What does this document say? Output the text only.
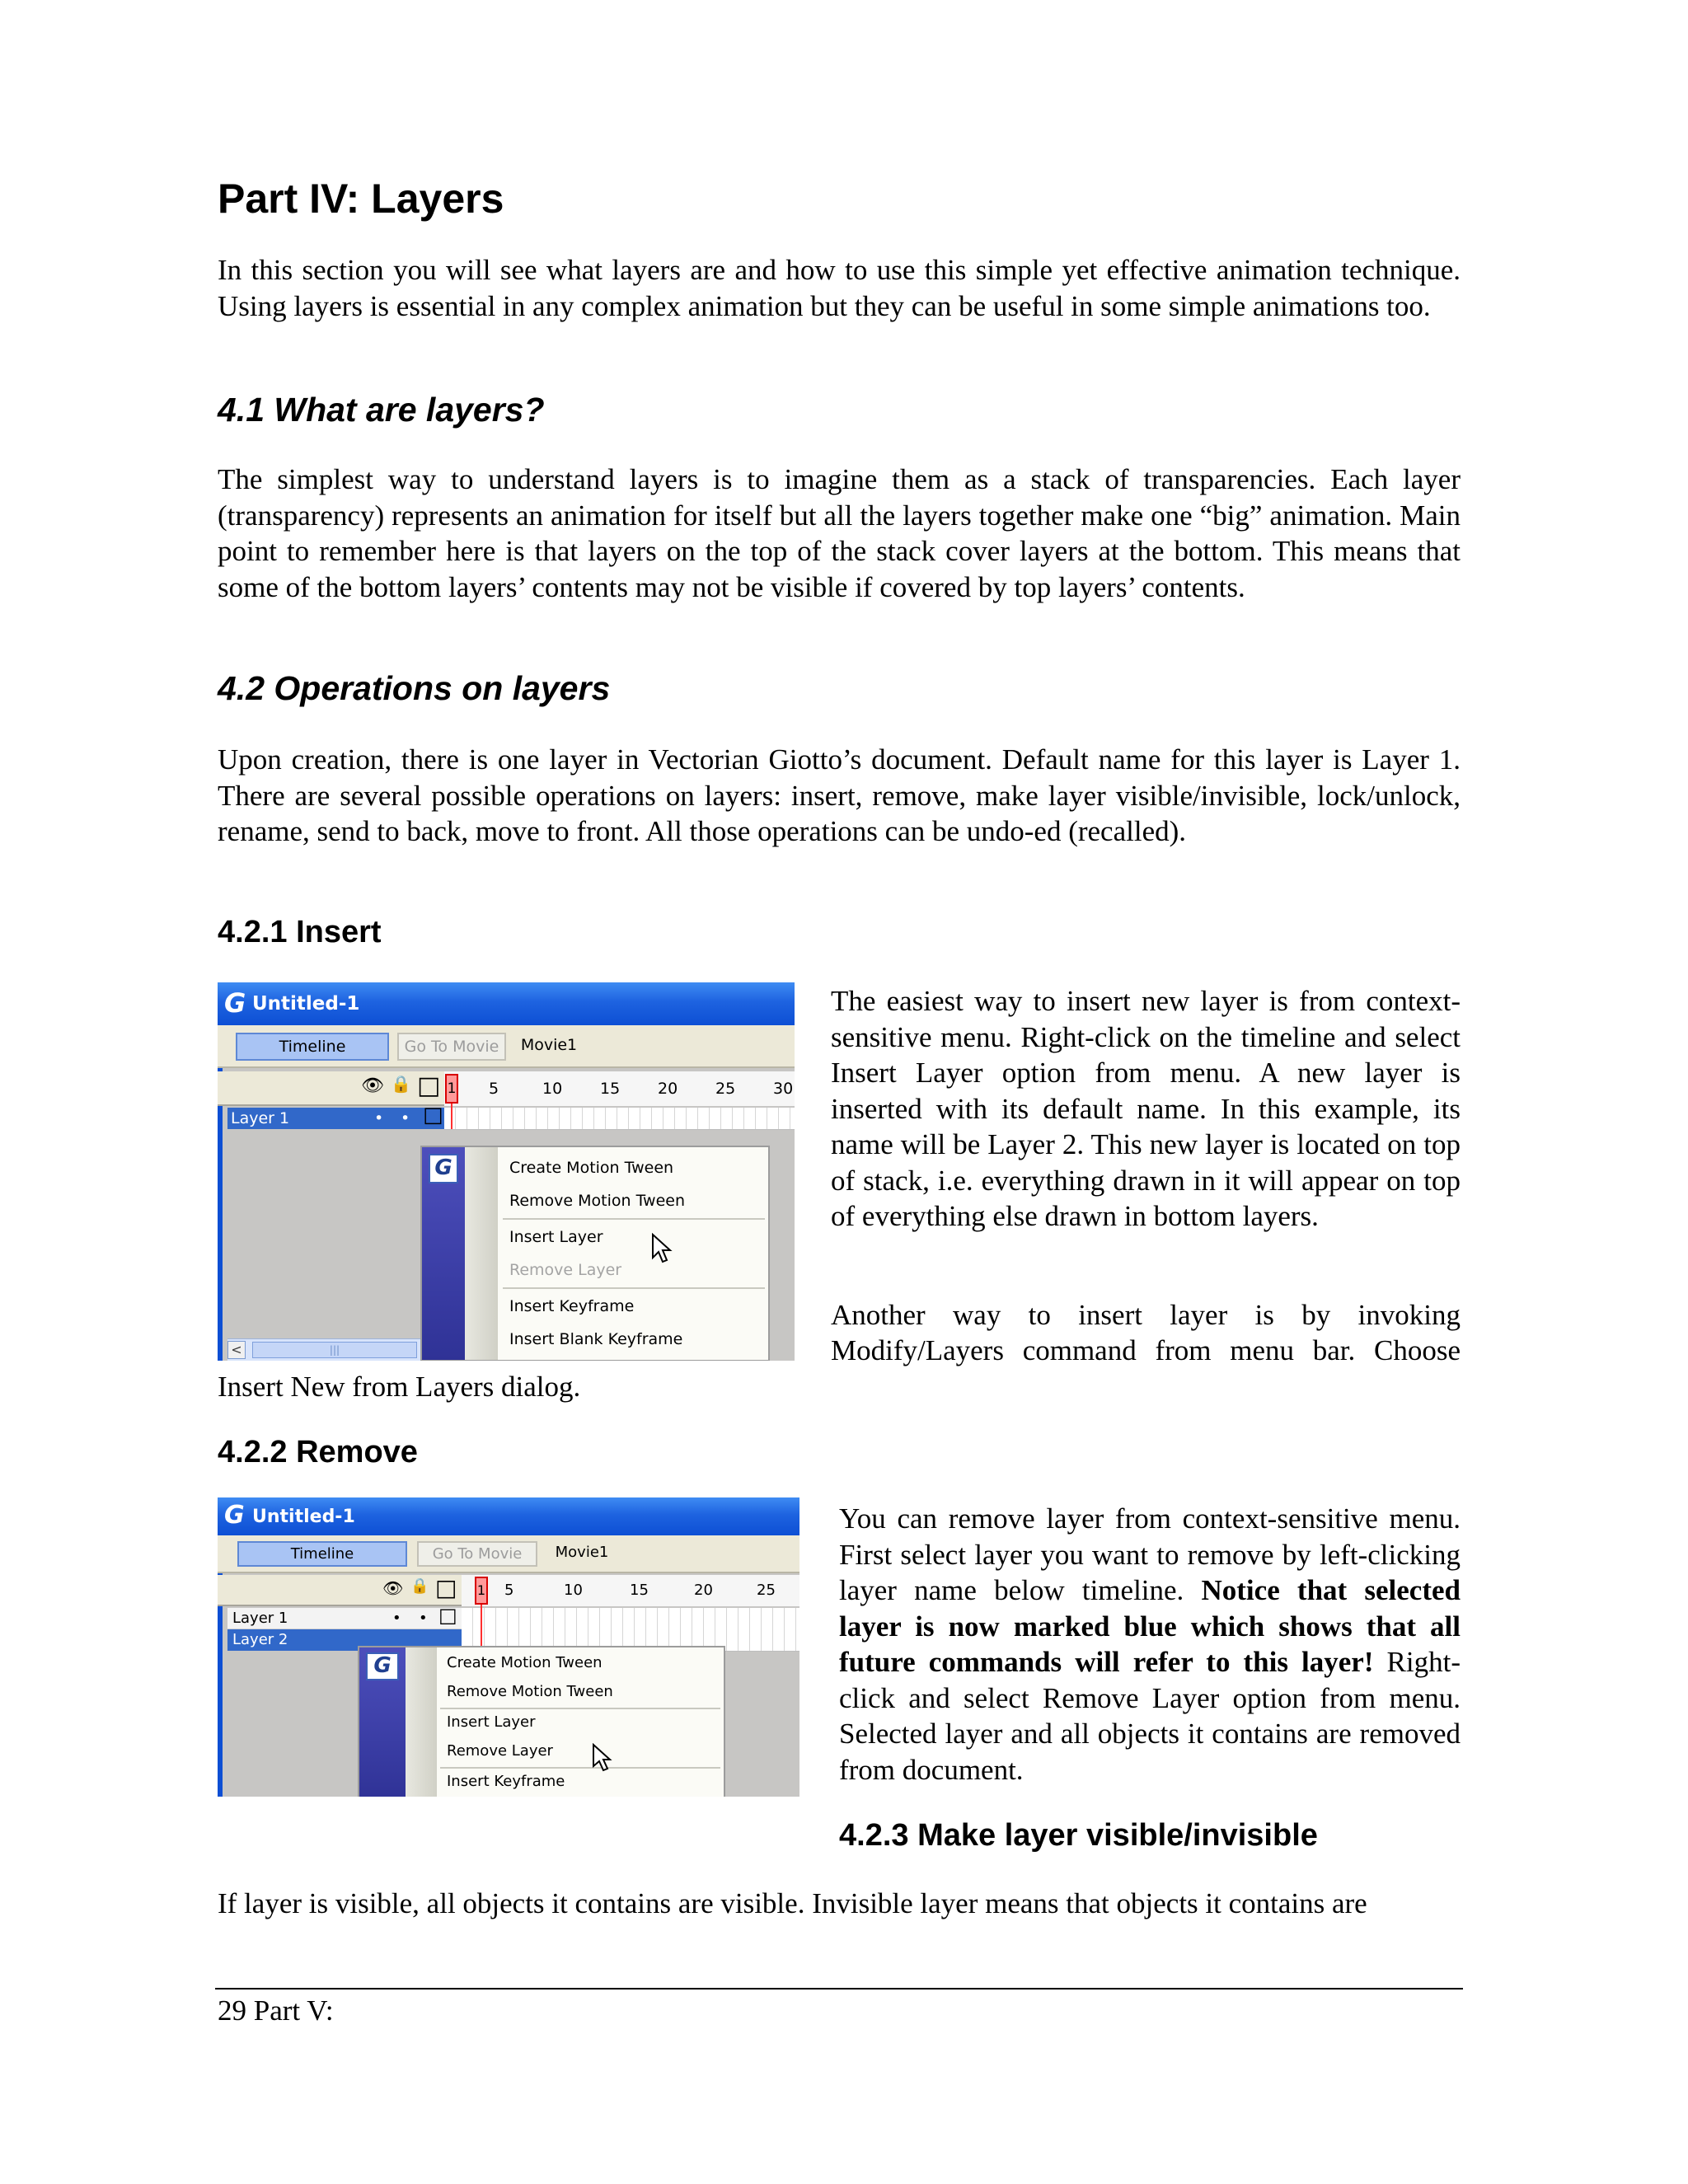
Part IV: Layers

In this section you will see what layers are and how to use this simple yet effective animation technique. Using layers is essential in any complex animation but they can be useful in some simple animations too.

4.1 What are layers?

The simplest way to understand layers is to imagine them as a stack of transparencies. Each layer (transparency) represents an animation for itself but all the layers together make one “big” animation. Main point to remember here is that layers on the top of the stack cover layers at the bottom. This means that some of the bottom layers’ contents may not be visible if covered by top layers’ contents.

4.2 Operations on layers

Upon creation, there is one layer in Vectorian Giotto’s document. Default name for this layer is Layer 1. There are several possible operations on layers: insert, remove, make layer visible/invisible, lock/unlock, rename, send to back, move to front. All those operations can be undo-ed (recalled).

4.2.1 Insert

The easiest way to insert new layer is from context-sensitive menu. Right-click on the timeline and select Insert Layer option from menu. A new layer is inserted with its default name. In this example, its name will be Layer 2. This new layer is located on top of stack, i.e. everything drawn in it will appear on top of everything else drawn in bottom layers.

Another way to insert layer is by invoking

Modify/Layers command from menu bar. Choose

Insert New from Layers dialog.

4.2.2 Remove

You can remove layer from context-sensitive menu. First select layer you want to remove by left-clicking layer name below timeline. Notice that selected layer is now marked blue which shows that all future commands will refer to this layer! Right-click and select Remove Layer option from menu. Selected layer and all objects it contains are removed from document.

4.2.3 Make layer visible/invisible

If layer is visible, all objects it contains are visible. Invisible layer means that objects it contains are

29 Part V:
G Untitled-1
Timeline	Go To Movie	Movie1
👁 🔒 □	5	10 15 20 25 30
1
Layer 1	• • □
G	Create Motion Tween
Remove Motion Tween
Insert Layer
Remove Layer
Insert Keyframe
Insert Blank Keyframe
<	|||
G Untitled-1
Timeline	Go To Movie	Movie1
👁 🔒 □	5	10	15	20	25
1
Layer 1	• • □
Layer 2
G	Create Motion Tween
Remove Motion Tween
Insert Layer
Remove Layer
Insert Keyframe
